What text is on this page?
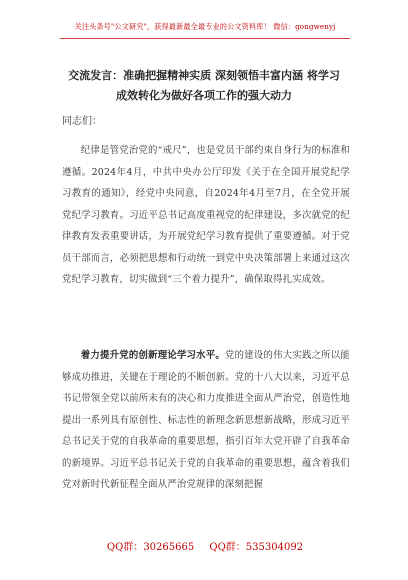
关注头条号"公文研究"，获得最新最全最专业的公文资料库！ 微信：gongwenyj
交流发言：准确把握精神实质 深刻领悟丰富内涵 将学习
成效转化为做好各项工作的强大动力
同志们：
纪律是管党治党的“戒尺”，也是党员干部约束自身行为的标准和遵循。2024年4月，中共中央办公厅印发《关于在全国开展党纪学习教育的通知》，经党中央同意，自2024年4月至7月，在全党开展党纪学习教育。习近平总书记高度重视党的纪律建设，多次就党的纪律教育发表重要讲话，为开展党纪学习教育提供了重要遵循。对于党员干部而言，必须把思想和行动统一到党中央决策部署上来通过这次党纪学习教育，切实做到“三个着力提升”，确保取得扎实成效。
着力提升党的创新理论学习水平。党的建设的伟大实践之所以能够成功推进，关键在于理论的不断创新。党的十八大以来，习近平总书记带领全党以前所未有的决心和力度推进全面从严治党，创造性地提出一系列具有原创性、标志性的新理念新思想新战略，形成习近平总书记关于党的自我革命的重要思想，指引百年大党开辟了自我革命的新境界。习近平总书记关于党的自我革命的重要思想，蕴含着我们党对新时代新征程全面从严治党规律的深刻把握
QQ群：30265665 QQ群：535304092
